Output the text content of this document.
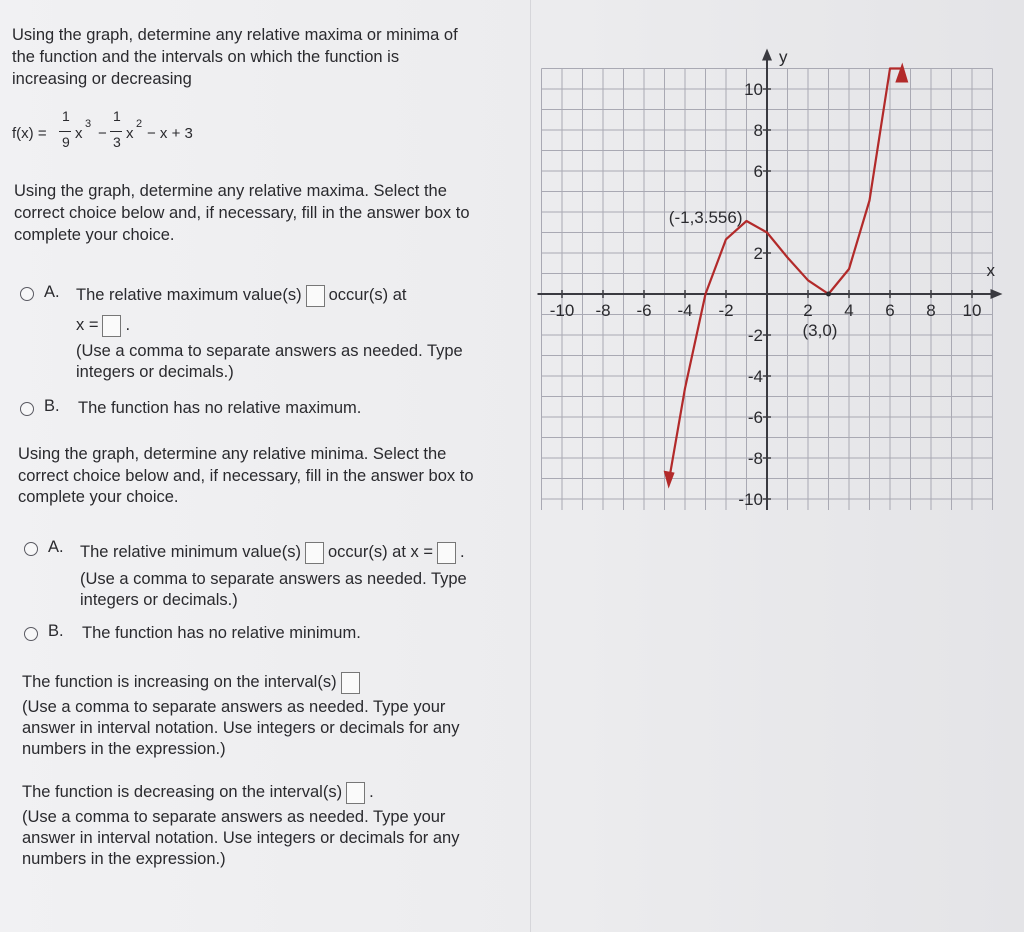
Using the graph, determine any relative maxima or minima of
the function and the intervals on which the function is
increasing or decreasing
f(x) =
1
9 x
3
−
1
3 x
2
− x + 3
Using the graph, determine any relative maxima. Select the
correct choice below and, if necessary, fill in the answer box to
complete your choice.
A. The relative maximum value(s) occur(s) at
x = .
(Use a comma to separate answers as needed. Type
integers or decimals.)
B. The function has no relative maximum.
Using the graph, determine any relative minima. Select the
correct choice below and, if necessary, fill in the answer box to
complete your choice.
A. The relative minimum value(s) occur(s) at x = .
(Use a comma to separate answers as needed. Type
integers or decimals.)
B. The function has no relative minimum.
The function is increasing on the interval(s)
(Use a comma to separate answers as needed. Type your
answer in interval notation. Use integers or decimals for any
numbers in the expression.)
The function is decreasing on the interval(s) .
(Use a comma to separate answers as needed. Type your
answer in interval notation. Use integers or decimals for any
numbers in the expression.)
x
y
-10 -8 -6 -4 -2	2 4 6 8 10
10
8
6
2
-2
-4
-6
-8
-10
(-1,3.556)
(3,0)
